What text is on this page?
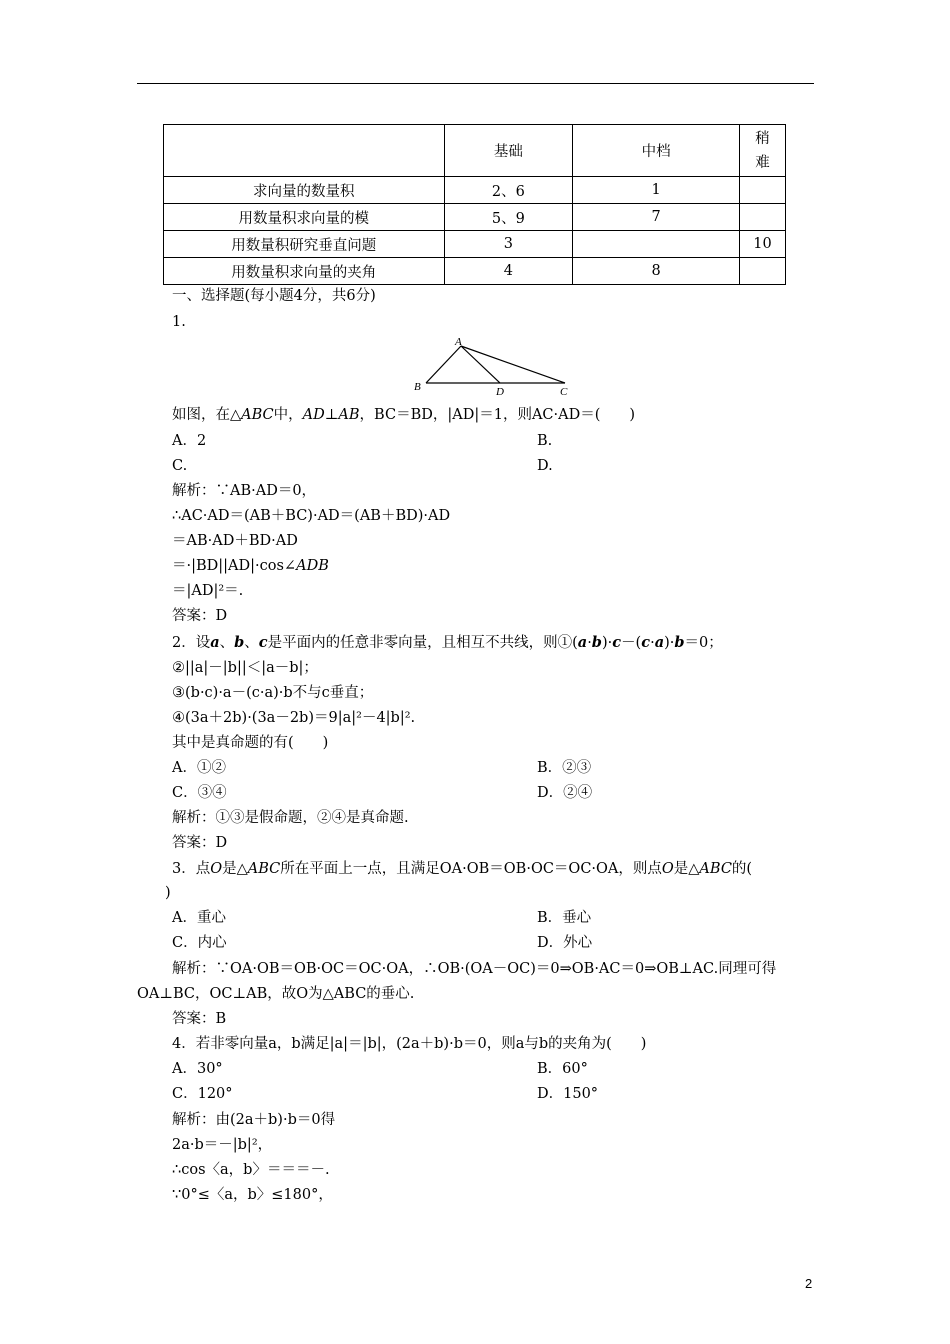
	基础	中档	稍
难
求向量的数量积	2、6	1	
用数量积求向量的模	5、9	7	
用数量积研究垂直问题	3		10
用数量积求向量的夹角	4	8	
一、选择题(每小题4分，共6分)
1.
A
B	D	C
如图，在△ABC中，AD⊥AB，BC＝BD，|AD|＝1，则AC·AD＝(　　)
A．2	B.
C.	D.
解析：∵AB·AD＝0，
∴AC·AD＝(AB＋BC)·AD＝(AB＋BD)·AD
＝AB·AD＋BD·AD
＝·|BD||AD|·cos∠ADB
＝|AD|²＝.
答案：D
2．设a、b、c是平面内的任意非零向量，且相互不共线，则①(a·b)·c－(c·a)·b＝0；
②||a|－|b||＜|a－b|；
③(b·c)·a－(c·a)·b不与c垂直；
④(3a＋2b)·(3a－2b)＝9|a|²－4|b|².
其中是真命题的有(　　)
A．①②	B．②③
C．③④	D．②④
解析：①③是假命题，②④是真命题.
答案：D
3．点O是△ABC所在平面上一点，且满足OA·OB＝OB·OC＝OC·OA，则点O是△ABC的(
)
A．重心	B．垂心
C．内心	D．外心
解析：∵OA·OB＝OB·OC＝OC·OA，∴OB·(OA－OC)＝0⇒OB·AC＝0⇒OB⊥AC.同理可得
OA⊥BC，OC⊥AB，故O为△ABC的垂心.
答案：B
4．若非零向量a，b满足|a|＝|b|，(2a＋b)·b＝0，则a与b的夹角为(　　)
A．30°	B．60°
C．120°	D．150°
解析：由(2a＋b)·b＝0得
2a·b＝－|b|²，
∴cos〈a，b〉＝＝＝－.
∵0°≤〈a，b〉≤180°，
2
